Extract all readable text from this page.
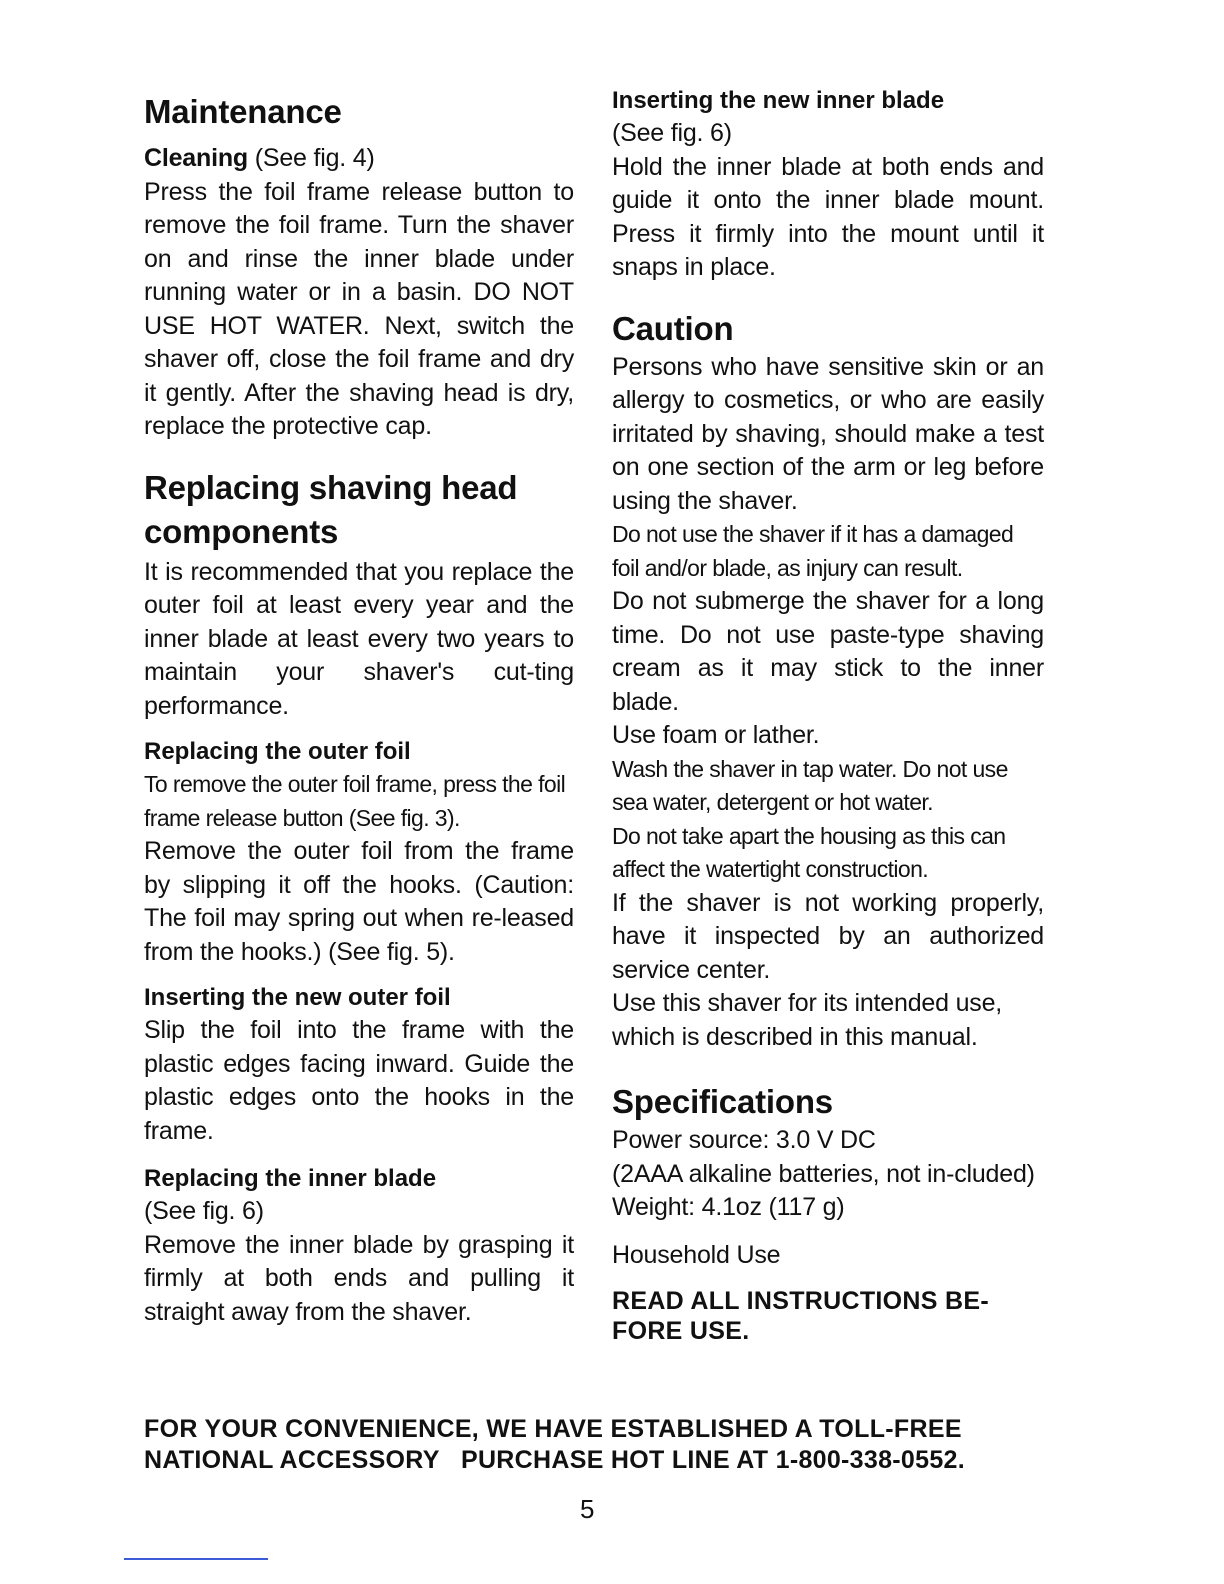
Maintenance

Cleaning (See fig. 4)

Press the foil frame release button to remove the foil frame. Turn the shaver on and rinse the inner blade under running water or in a basin. DO NOT USE HOT WATER. Next, switch the shaver off, close the foil frame and dry it gently. After the shaving head is dry, replace the protective cap.

Replacing shaving head
components

It is recommended that you replace the outer foil at least every year and the inner blade at least every two years to maintain your shaver's cut-ting performance.

Replacing the outer foil

To remove the outer foil frame, press the foil frame release button (See fig. 3).

Remove the outer foil from the frame by slipping it off the hooks. (Caution: The foil may spring out when re-leased from the hooks.) (See fig. 5).

Inserting the new outer foil

Slip the foil into the frame with the plastic edges facing inward. Guide the plastic edges onto the hooks in the frame.

Replacing the inner blade

(See fig. 6)

Remove the inner blade by grasping it firmly at both ends and pulling it straight away from the shaver.

Inserting the new inner blade

(See fig. 6)

Hold the inner blade at both ends and guide it onto the inner blade mount. Press it firmly into the mount until it snaps in place.

Caution

Persons who have sensitive skin or an allergy to cosmetics, or who are easily irritated by shaving, should make a test on one section of the arm or leg before using the shaver.

Do not use the shaver if it has a damaged foil and/or blade, as injury can result.

Do not submerge the shaver for a long time. Do not use paste-type shaving cream as it may stick to the inner blade.

Use foam or lather.

Wash the shaver in tap water. Do not use sea water, detergent or hot water.

Do not take apart the housing as this can affect the watertight construction.

If the shaver is not working properly, have it inspected by an authorized service center.

Use this shaver for its intended use, which is described in this manual.

Specifications

Power source: 3.0 V DC

(2AAA alkaline batteries, not in-cluded)

Weight: 4.1oz (117 g)

Household Use

READ ALL INSTRUCTIONS BE-FORE USE.

FOR YOUR CONVENIENCE, WE HAVE ESTABLISHED A TOLL-FREE

NATIONAL ACCESSORY   PURCHASE HOT LINE AT 1-800-338-0552.

5
